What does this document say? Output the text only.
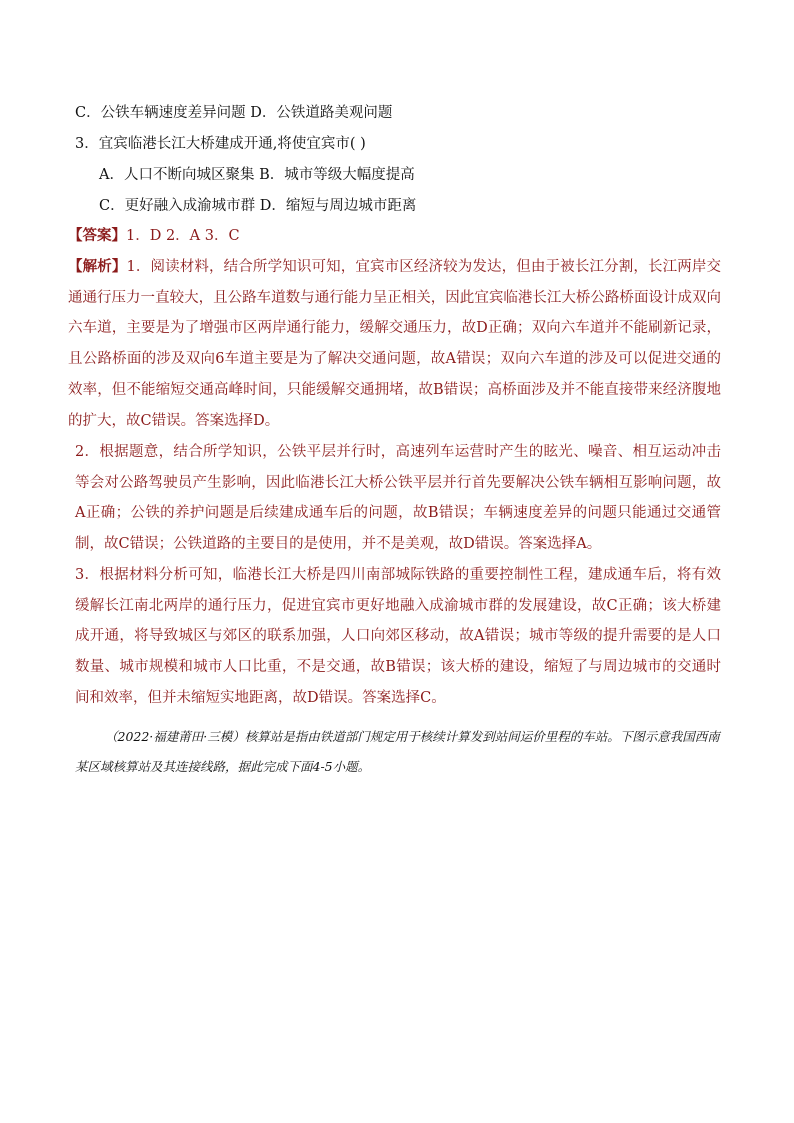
C．公铁车辆速度差异问题 D．公铁道路美观问题
3．宜宾临港长江大桥建成开通,将使宜宾市( )
A．人口不断向城区聚集 B．城市等级大幅度提高
C．更好融入成渝城市群 D．缩短与周边城市距离
【答案】1．D 2．A 3．C
【解析】1．阅读材料，结合所学知识可知，宜宾市区经济较为发达，但由于被长江分割，长江两岸交通通行压力一直较大，且公路车道数与通行能力呈正相关，因此宜宾临港长江大桥公路桥面设计成双向六车道，主要是为了增强市区两岸通行能力，缓解交通压力，故D正确；双向六车道并不能刷新记录，且公路桥面的涉及双向6车道主要是为了解决交通问题，故A错误；双向六车道的涉及可以促进交通的效率，但不能缩短交通高峰时间，只能缓解交通拥堵，故B错误；高桥面涉及并不能直接带来经济腹地的扩大，故C错误。答案选择D。
2．根据题意，结合所学知识，公铁平层并行时，高速列车运营时产生的眩光、噪音、相互运动冲击等会对公路驾驶员产生影响，因此临港长江大桥公铁平层并行首先要解决公铁车辆相互影响问题，故A正确；公铁的养护问题是后续建成通车后的问题，故B错误；车辆速度差异的问题只能通过交通管制，故C错误；公铁道路的主要目的是使用，并不是美观，故D错误。答案选择A。
3．根据材料分析可知，临港长江大桥是四川南部城际铁路的重要控制性工程，建成通车后，将有效缓解长江南北两岸的通行压力，促进宜宾市更好地融入成渝城市群的发展建设，故C正确；该大桥建成开通，将导致城区与郊区的联系加强，人口向郊区移动，故A错误；城市等级的提升需要的是人口数量、城市规模和城市人口比重，不是交通，故B错误；该大桥的建设，缩短了与周边城市的交通时间和效率，但并未缩短实地距离，故D错误。答案选择C。
（2022·福建莆田·三模）核算站是指由铁道部门规定用于核续计算发到站间运价里程的车站。下图示意我国西南某区域核算站及其连接线路，据此完成下面4-5小题。
